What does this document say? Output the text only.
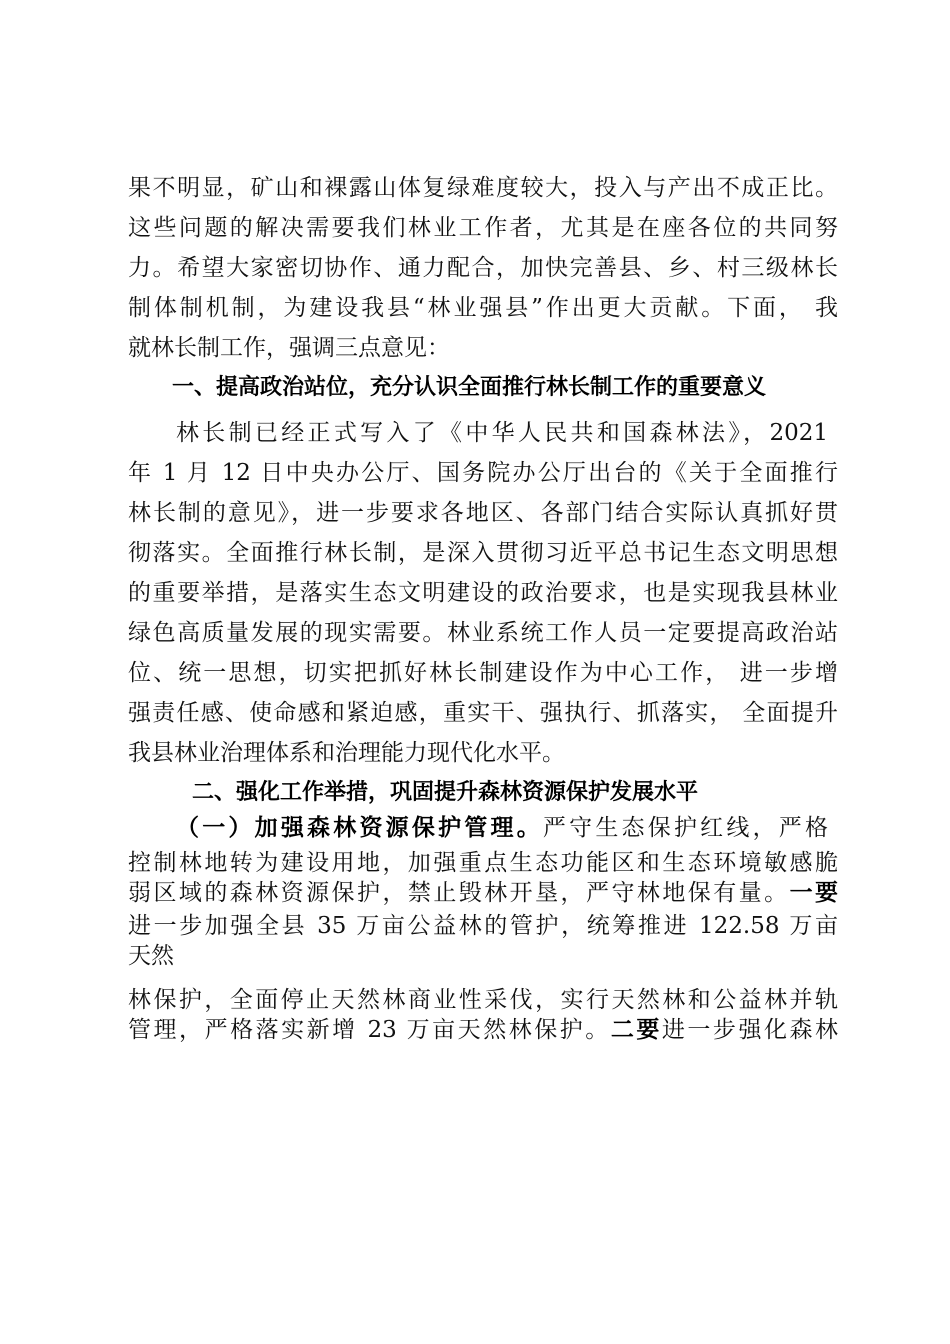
果不明显，矿山和裸露山体复绿难度较大，投入与产出不成正比。
这些问题的解决需要我们林业工作者，尤其是在座各位的共同努
力。希望大家密切协作、通力配合，加快完善县、乡、村三级林长
制体制机制，为建设我县“林业强县”作出更大贡献。下面， 我
就林长制工作，强调三点意见：
一、提高政治站位，充分认识全面推行林长制工作的重要意义
林长制已经正式写入了《中华人民共和国森林法》，2021
年 1 月 12 日中央办公厅、国务院办公厅出台的《关于全面推行
林长制的意见》，进一步要求各地区、各部门结合实际认真抓好贯
彻落实。全面推行林长制，是深入贯彻习近平总书记生态文明思想
的重要举措，是落实生态文明建设的政治要求，也是实现我县林业
绿色高质量发展的现实需要。林业系统工作人员一定要提高政治站
位、统一思想，切实把抓好林长制建设作为中心工作， 进一步增
强责任感、使命感和紧迫感，重实干、强执行、抓落实， 全面提升
我县林业治理体系和治理能力现代化水平。
二、强化工作举措，巩固提升森林资源保护发展水平
（一）加强森林资源保护管理。严守生态保护红线，严格
控制林地转为建设用地，加强重点生态功能区和生态环境敏感脆
弱区域的森林资源保护，禁止毁林开垦，严守林地保有量。一要
进一步加强全县 35 万亩公益林的管护，统筹推进 122.58 万亩
天然
林保护，全面停止天然林商业性采伐，实行天然林和公益林并轨
管理，严格落实新增 23 万亩天然林保护。二要进一步强化森林
